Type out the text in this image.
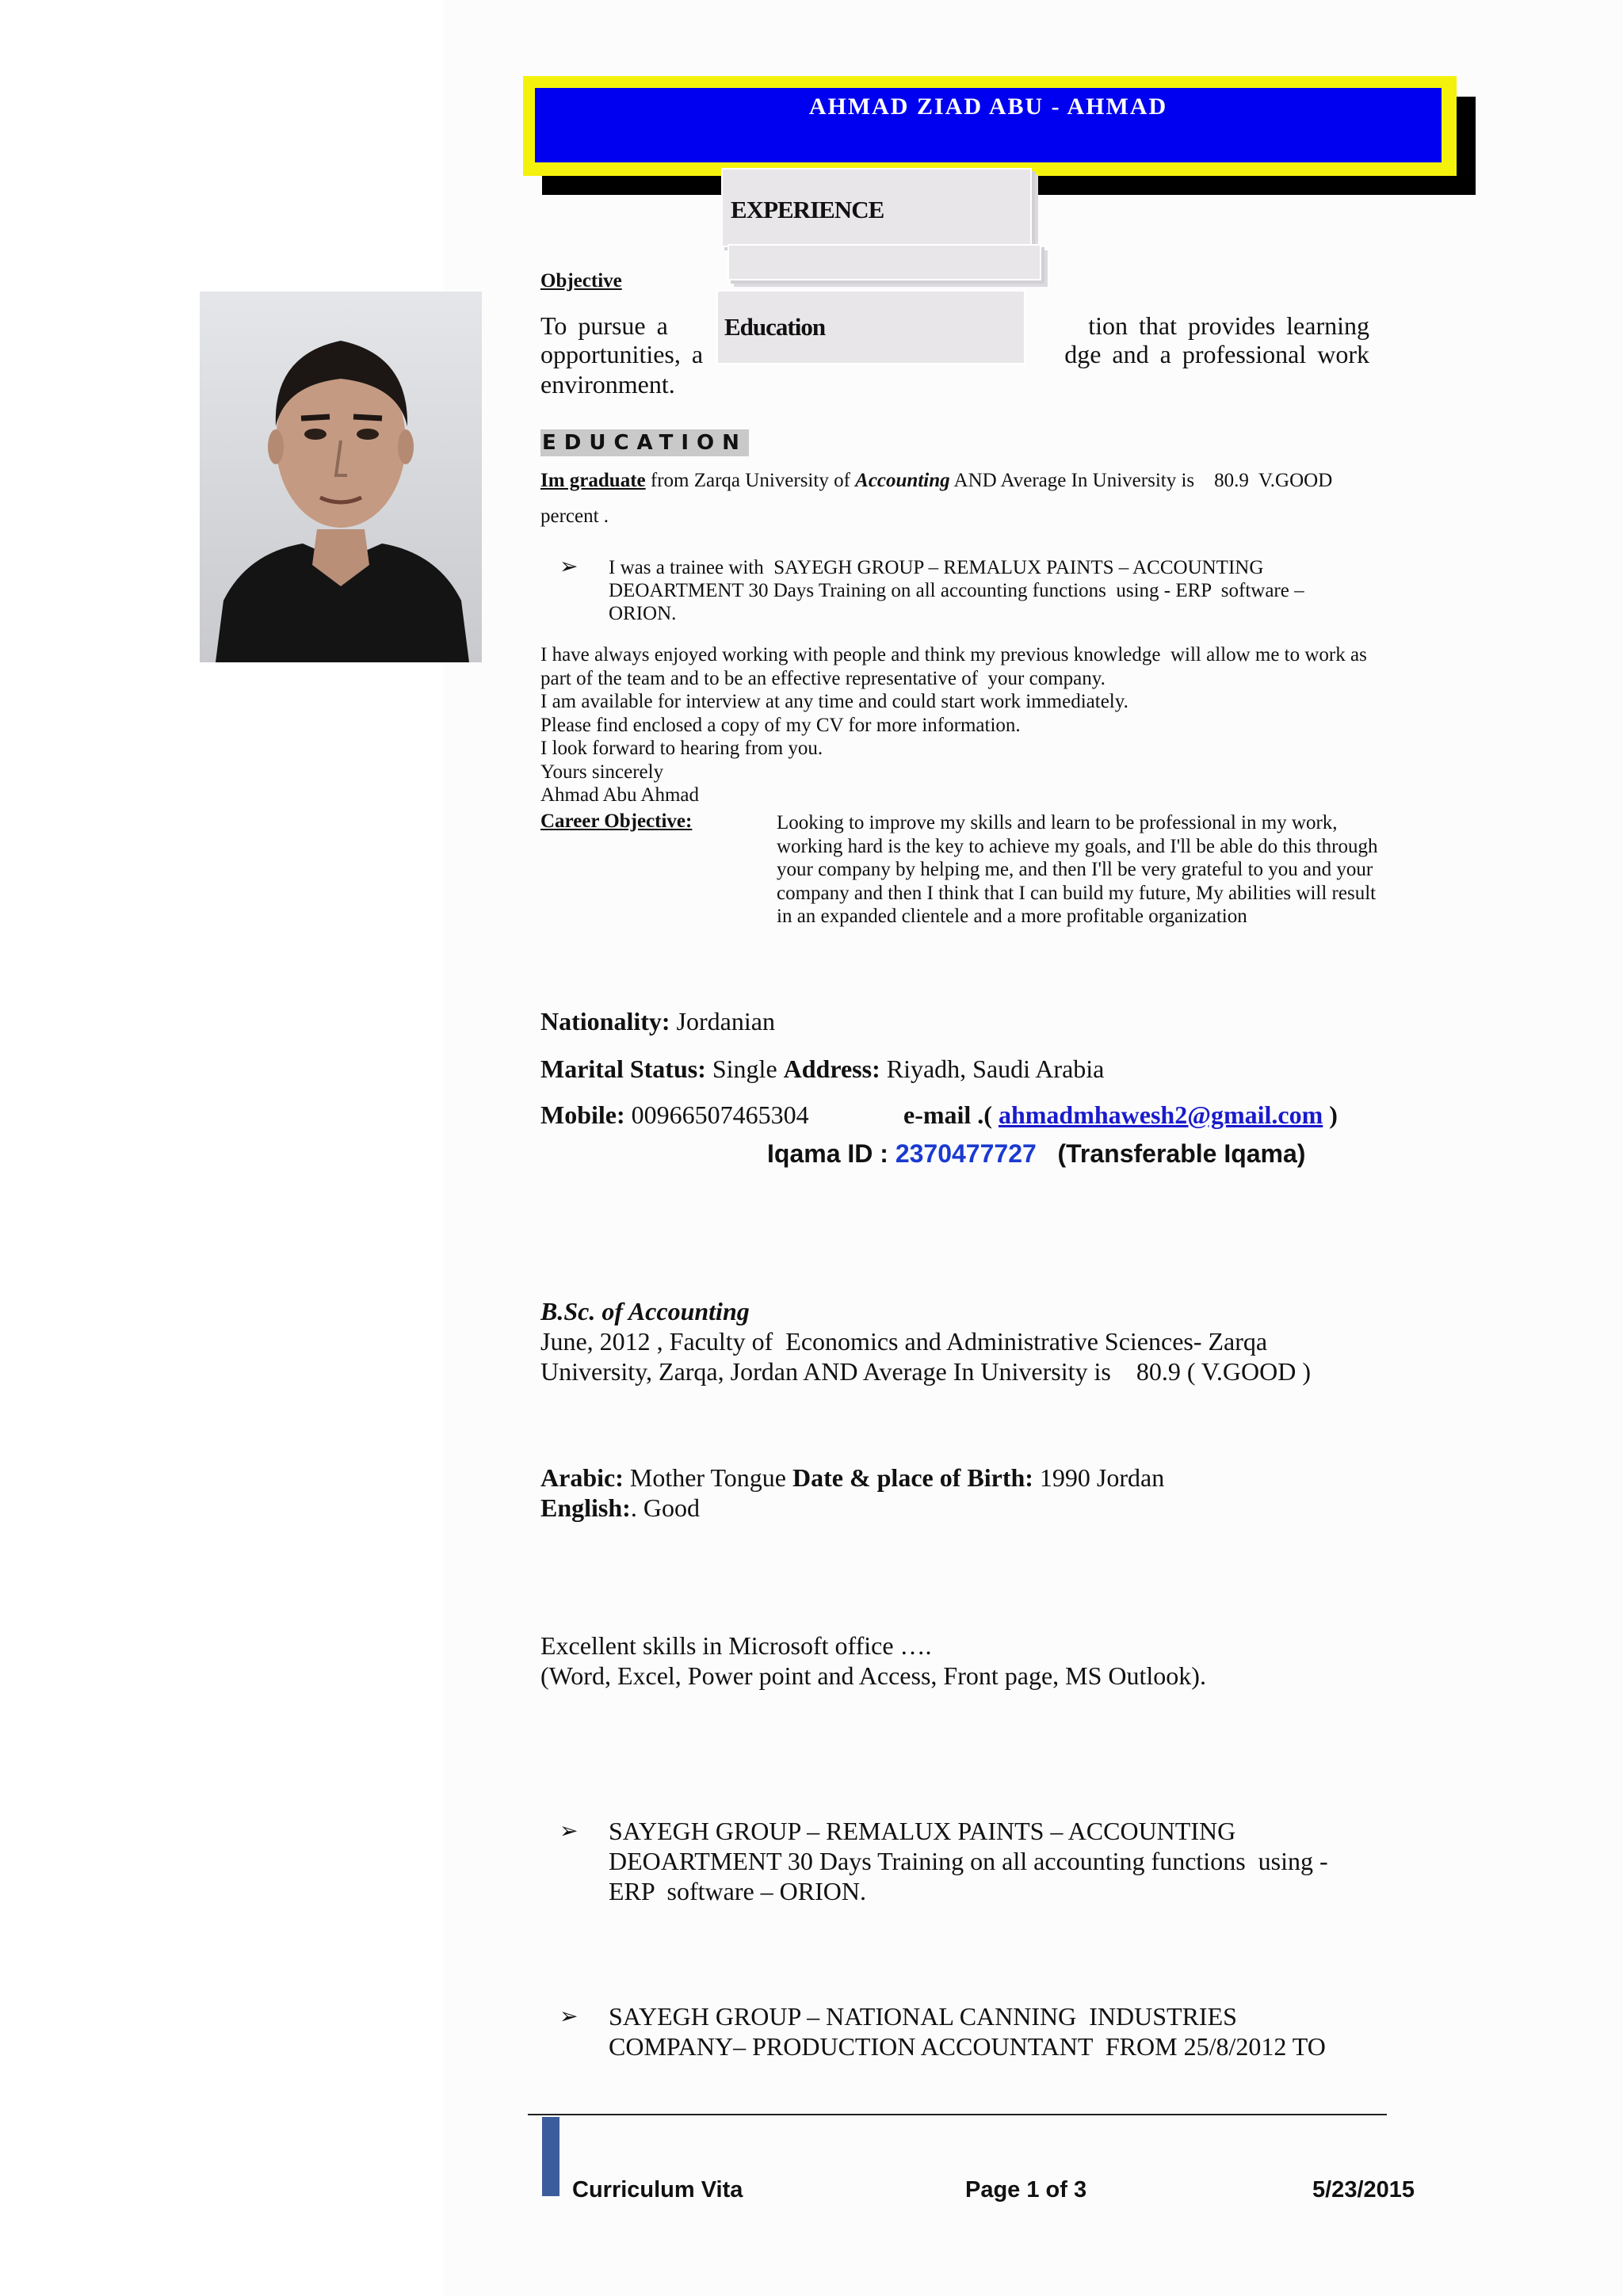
AHMAD ZIAD ABU - AHMAD
EXPERIENCE
Objective
To pursue a	tion that provides learning
opportunities, a	dge and a professional work
environment.
Education
EDUCATION
Im graduate from Zarqa University of Accounting AND Average In University is    80.9  V.GOOD
percent .
➢ I was a trainee with  SAYEGH GROUP – REMALUX PAINTS – ACCOUNTING
DEOARTMENT 30 Days Training on all accounting functions  using - ERP  software –
ORION.
I have always enjoyed working with people and think my previous knowledge  will allow me to work as
part of the team and to be an effective representative of  your company.
I am available for interview at any time and could start work immediately.
Please find enclosed a copy of my CV for more information.
I look forward to hearing from you.
Yours sincerely
Ahmad Abu Ahmad
Career Objective:	Looking to improve my skills and learn to be professional in my work,
working hard is the key to achieve my goals, and I'll be able do this through
your company by helping me, and then I'll be very grateful to you and your
company and then I think that I can build my future, My abilities will result
in an expanded clientele and a more profitable organization
Nationality: Jordanian
Marital Status: Single Address: Riyadh, Saudi Arabia
Mobile: 00966507465304	e-mail .( ahmadmhawesh2@gmail.com )
Iqama ID : 2370477727 (Transferable Iqama)
B.Sc. of Accounting
June, 2012 , Faculty of  Economics and Administrative Sciences- Zarqa
University, Zarqa, Jordan AND Average In University is    80.9 ( V.GOOD )
Arabic: Mother Tongue Date & place of Birth: 1990 Jordan
English:. Good
Excellent skills in Microsoft office ….
(Word, Excel, Power point and Access, Front page, MS Outlook).
➢ SAYEGH GROUP – REMALUX PAINTS – ACCOUNTING
DEOARTMENT 30 Days Training on all accounting functions  using -
ERP  software – ORION.
➢ SAYEGH GROUP – NATIONAL CANNING  INDUSTRIES
COMPANY– PRODUCTION ACCOUNTANT  FROM 25/8/2012 TO
Curriculum Vita	Page 1 of 3	5/23/2015
